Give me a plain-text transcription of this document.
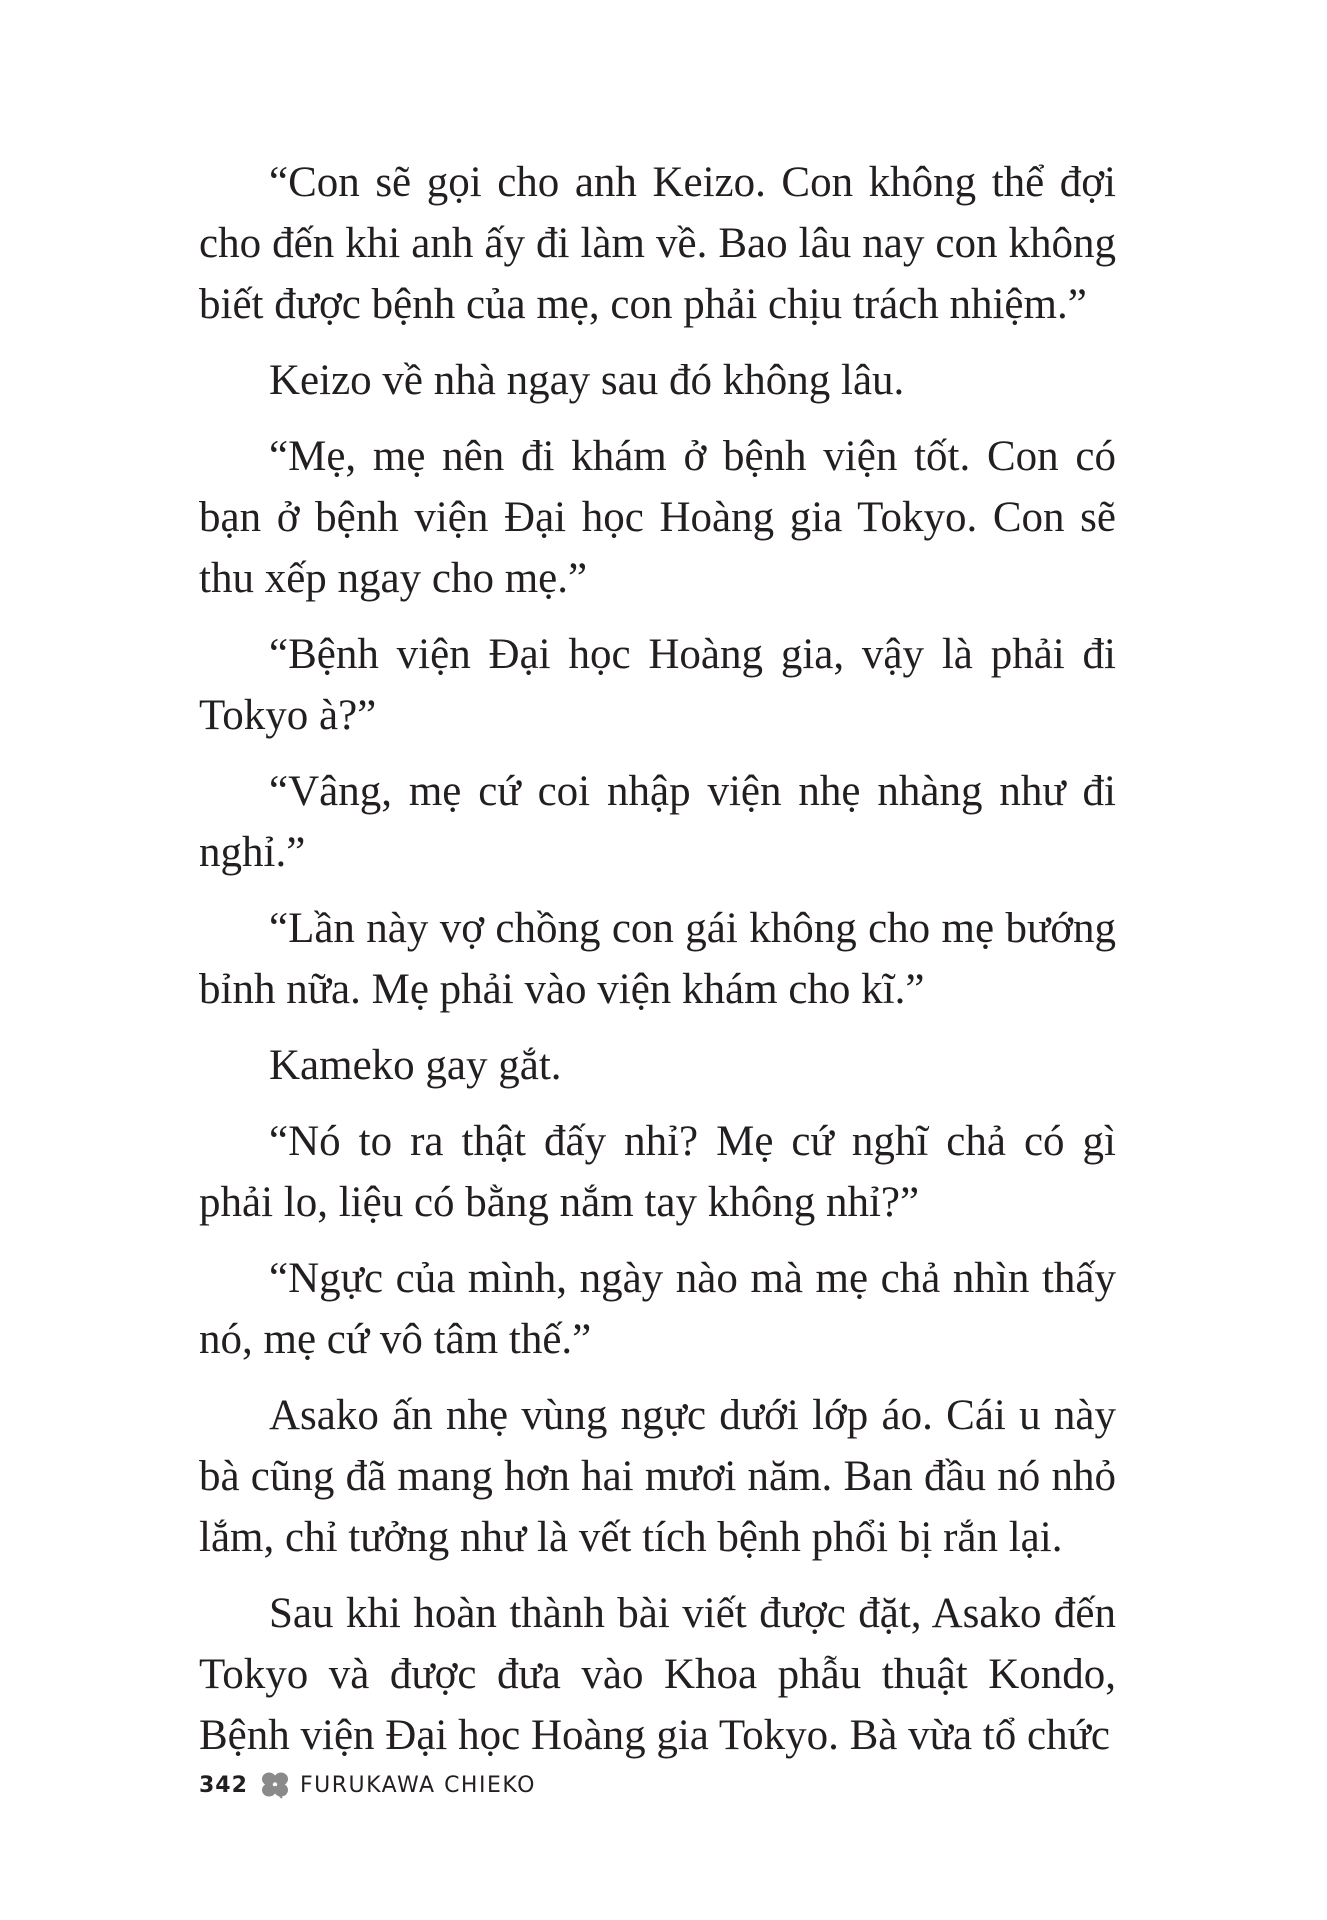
“Con sẽ gọi cho anh Keizo. Con không thể đợi cho đến khi anh ấy đi làm về. Bao lâu nay con không biết được bệnh của mẹ, con phải chịu trách nhiệm.”

Keizo về nhà ngay sau đó không lâu.

“Mẹ, mẹ nên đi khám ở bệnh viện tốt. Con có bạn ở bệnh viện Đại học Hoàng gia Tokyo. Con sẽ thu xếp ngay cho mẹ.”

“Bệnh viện Đại học Hoàng gia, vậy là phải đi Tokyo à?”

“Vâng, mẹ cứ coi nhập viện nhẹ nhàng như đi nghỉ.”

“Lần này vợ chồng con gái không cho mẹ bướng bỉnh nữa. Mẹ phải vào viện khám cho kĩ.”

Kameko gay gắt.

“Nó to ra thật đấy nhỉ? Mẹ cứ nghĩ chả có gì phải lo, liệu có bằng nắm tay không nhỉ?”

“Ngực của mình, ngày nào mà mẹ chả nhìn thấy nó, mẹ cứ vô tâm thế.”

Asako ấn nhẹ vùng ngực dưới lớp áo. Cái u này bà cũng đã mang hơn hai mươi năm. Ban đầu nó nhỏ lắm, chỉ tưởng như là vết tích bệnh phổi bị rắn lại.

Sau khi hoàn thành bài viết được đặt, Asako đến Tokyo và được đưa vào Khoa phẫu thuật Kondo, Bệnh viện Đại học Hoàng gia Tokyo. Bà vừa tổ chức

342 FURUKAWA CHIEKO
